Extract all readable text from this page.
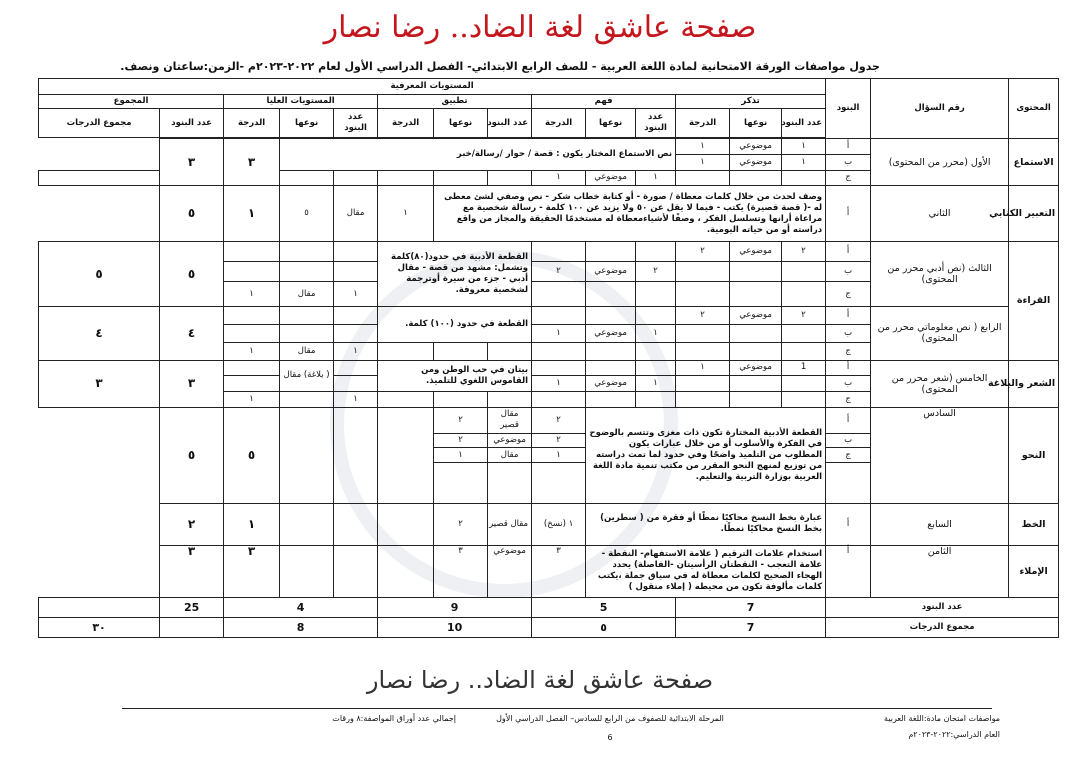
صفحة عاشق لغة الضاد.. رضا نصار
جدول مواصفات الورقة الامتحانية لمادة اللغة العربية - للصف الرابع الابتدائي- الفصل الدراسي الأول لعام ٢٠٢٢-٢٠٢٣م -الزمن:ساعتان ونصف.
المحتوى	رقم السؤال	البنود	المستويات المعرفية														
			تذكر			فهم			تطبيق			المستويات العليا			المجموع		
			عدد البنود	نوعها	الدرجة	عدد البنود	نوعها	الدرجة	عدد البنود	نوعها	الدرجة	عدد البنود	نوعها	الدرجة	عدد البنود	مجموع الدرجات	

الاستماع	الأول (محرر من المحتوى)	أ	١	موضوعي	١	نص الاستماع المختار يكون : قصة / حوار /رسالة/خبر								٣	٣		
		ب	١	موضوعي	١												
		ج				١	موضوعي	١									
التعبير الكتابي	الثاني	أ	وصف لحدث من خلال كلمات معطاة / صورة - أو كتابة خطاب شكر - نص وصفي لشئ معطى له -( قصة قصيرة) يكتب - فيما لا يقل عن ٥٠ ولا يزيد عن ١٠٠ كلمة - رسالة شخصية مع مراعاة أرانها وتسلسل الفكر ، وصفًا لأشياءمعطاة له مستخدمًا الحقيقة والمجاز من واقع دراسته أو من حياته اليومية.								١	مقال	٥	١	٥		
القراءة	الثالث (نص أدبي محرر من المحتوى)	أ	٢	موضوعي	٢				القطعة الأدبية في حدود(٨٠)كلمة وتشمل: مشهد من قصة - مقال أدبي - جزء من سيرة أوترجمة لشخصية معروفة.						٥	٥	
		ب				٢	موضوعي	٢									
		ج										١	مقال	١			
	الرابع ( نص معلوماتي محرر من المحتوى)	أ	٢	موضوعي	٢				القطعة في حدود (١٠٠) كلمة.						٤	٤	
		ب				١	موضوعي	١									
		ج										١	مقال	١			
الشعر والبلاغة	الخامس (شعر محرر من المحتوى)	أ	1	موضوعي	١				بيتان في حب الوطن ومن القاموس اللغوي للتلميذ.				( بلاغة) مقال		٣	٣	
		ب				١	موضوعي	١									
		ج										١		١			
النحو	السادس	أ	القطعة الأدبية المختارة تكون ذات مغزى وتتسم بالوضوح في الفكرة والأسلوب أو من خلال عبارات يكون المطلوب من التلميذ واضحًا وفي حدود لما تمت دراسته من توزيع لمنهج النحو المقرر من مكتب تنمية مادة اللغة العربية بوزارة التربية والتعليم.					٢	مقال قصير	٢				٥	٥		
		ب						٢	موضوعي	٢							
		ج						١	مقال	١							

الخط	السابع	أ	عبارة بخط النسخ محاكيًا نمطًا أو فقرة من ( سطرين) بخط النسخ محاكيًا نمطًا.					١ (نسخ)	مقال قصير	٢				١	٢		
الإملاء	الثامن	أ	استخدام علامات الترقيم ( علامة الاستفهام- النقطة - علامة التعجب - النقطتان الرأسيتان -الفاصلة) يحدد الهجاء الصحيح لكلمات معطاة له في سياق جملة ،يكتب كلمات مألوفة تكون من محيطه ( إملاء منقول )					٣	موضوعي	٣				٣	٣		
عدد البنود			7			5			9			4			25		
مجموع الدرجات			7			٥			10			8				٣٠	
صفحة عاشق لغة الضاد.. رضا نصار
مواصفات امتحان مادة:اللغة العربية
العام الدراسي:٢٠٢٢-٢٠٢٣م
المرحلة الابتدائية للصفوف من الرابع للسادس– الفصل الدراسي الأول
6
إجمالي عدد أوراق المواصفة:٨ ورقات
